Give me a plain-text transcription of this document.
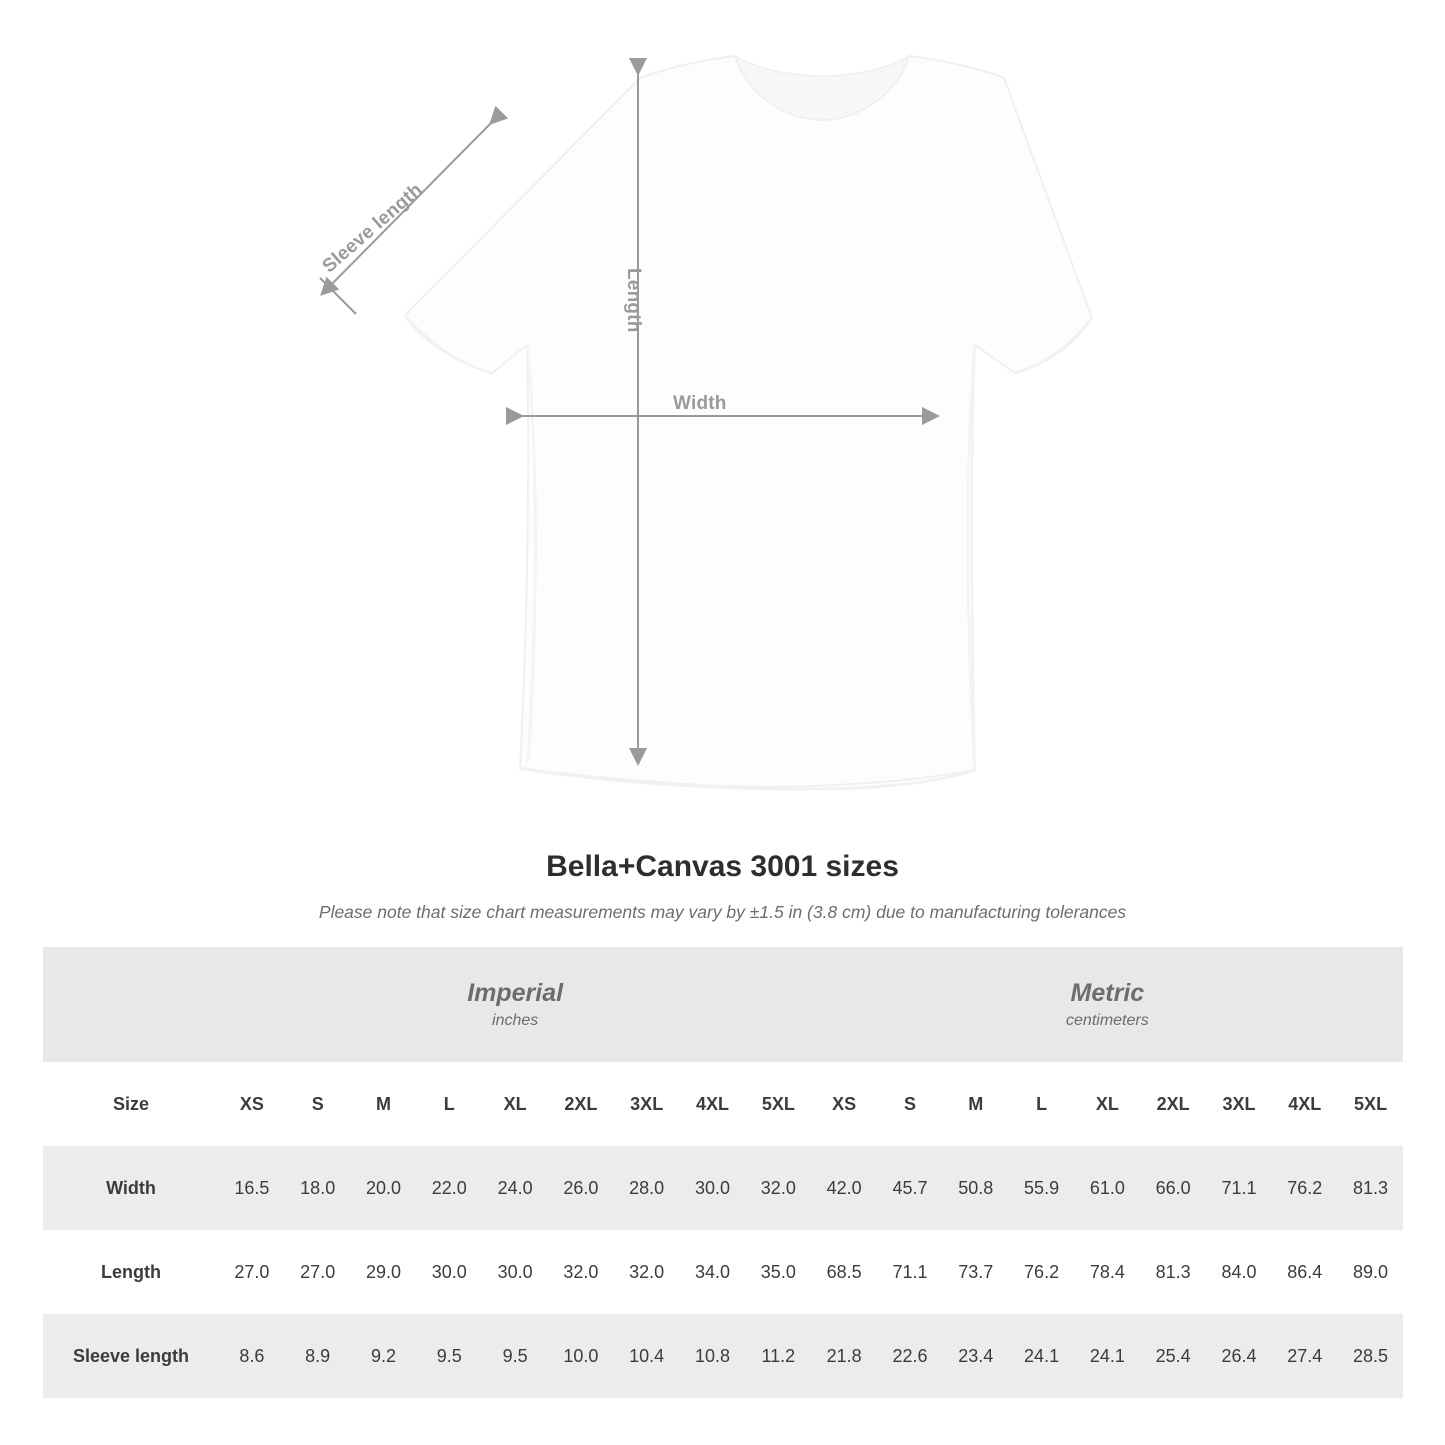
Width
Length
Sleeve length
Bella+Canvas 3001 sizes

Please note that size chart measurements may vary by ±1.5 in (3.8 cm) due to manufacturing tolerances

Imperial
inches

Metric
centimeters

Size	XS	S	M	L	XL	2XL	3XL	4XL	5XL	XS	S	M	L	XL	2XL	3XL	4XL	5XL
Width	16.5	18.0	20.0	22.0	24.0	26.0	28.0	30.0	32.0	42.0	45.7	50.8	55.9	61.0	66.0	71.1	76.2	81.3
Length	27.0	27.0	29.0	30.0	30.0	32.0	32.0	34.0	35.0	68.5	71.1	73.7	76.2	78.4	81.3	84.0	86.4	89.0
Sleeve length	8.6	8.9	9.2	9.5	9.5	10.0	10.4	10.8	11.2	21.8	22.6	23.4	24.1	24.1	25.4	26.4	27.4	28.5
